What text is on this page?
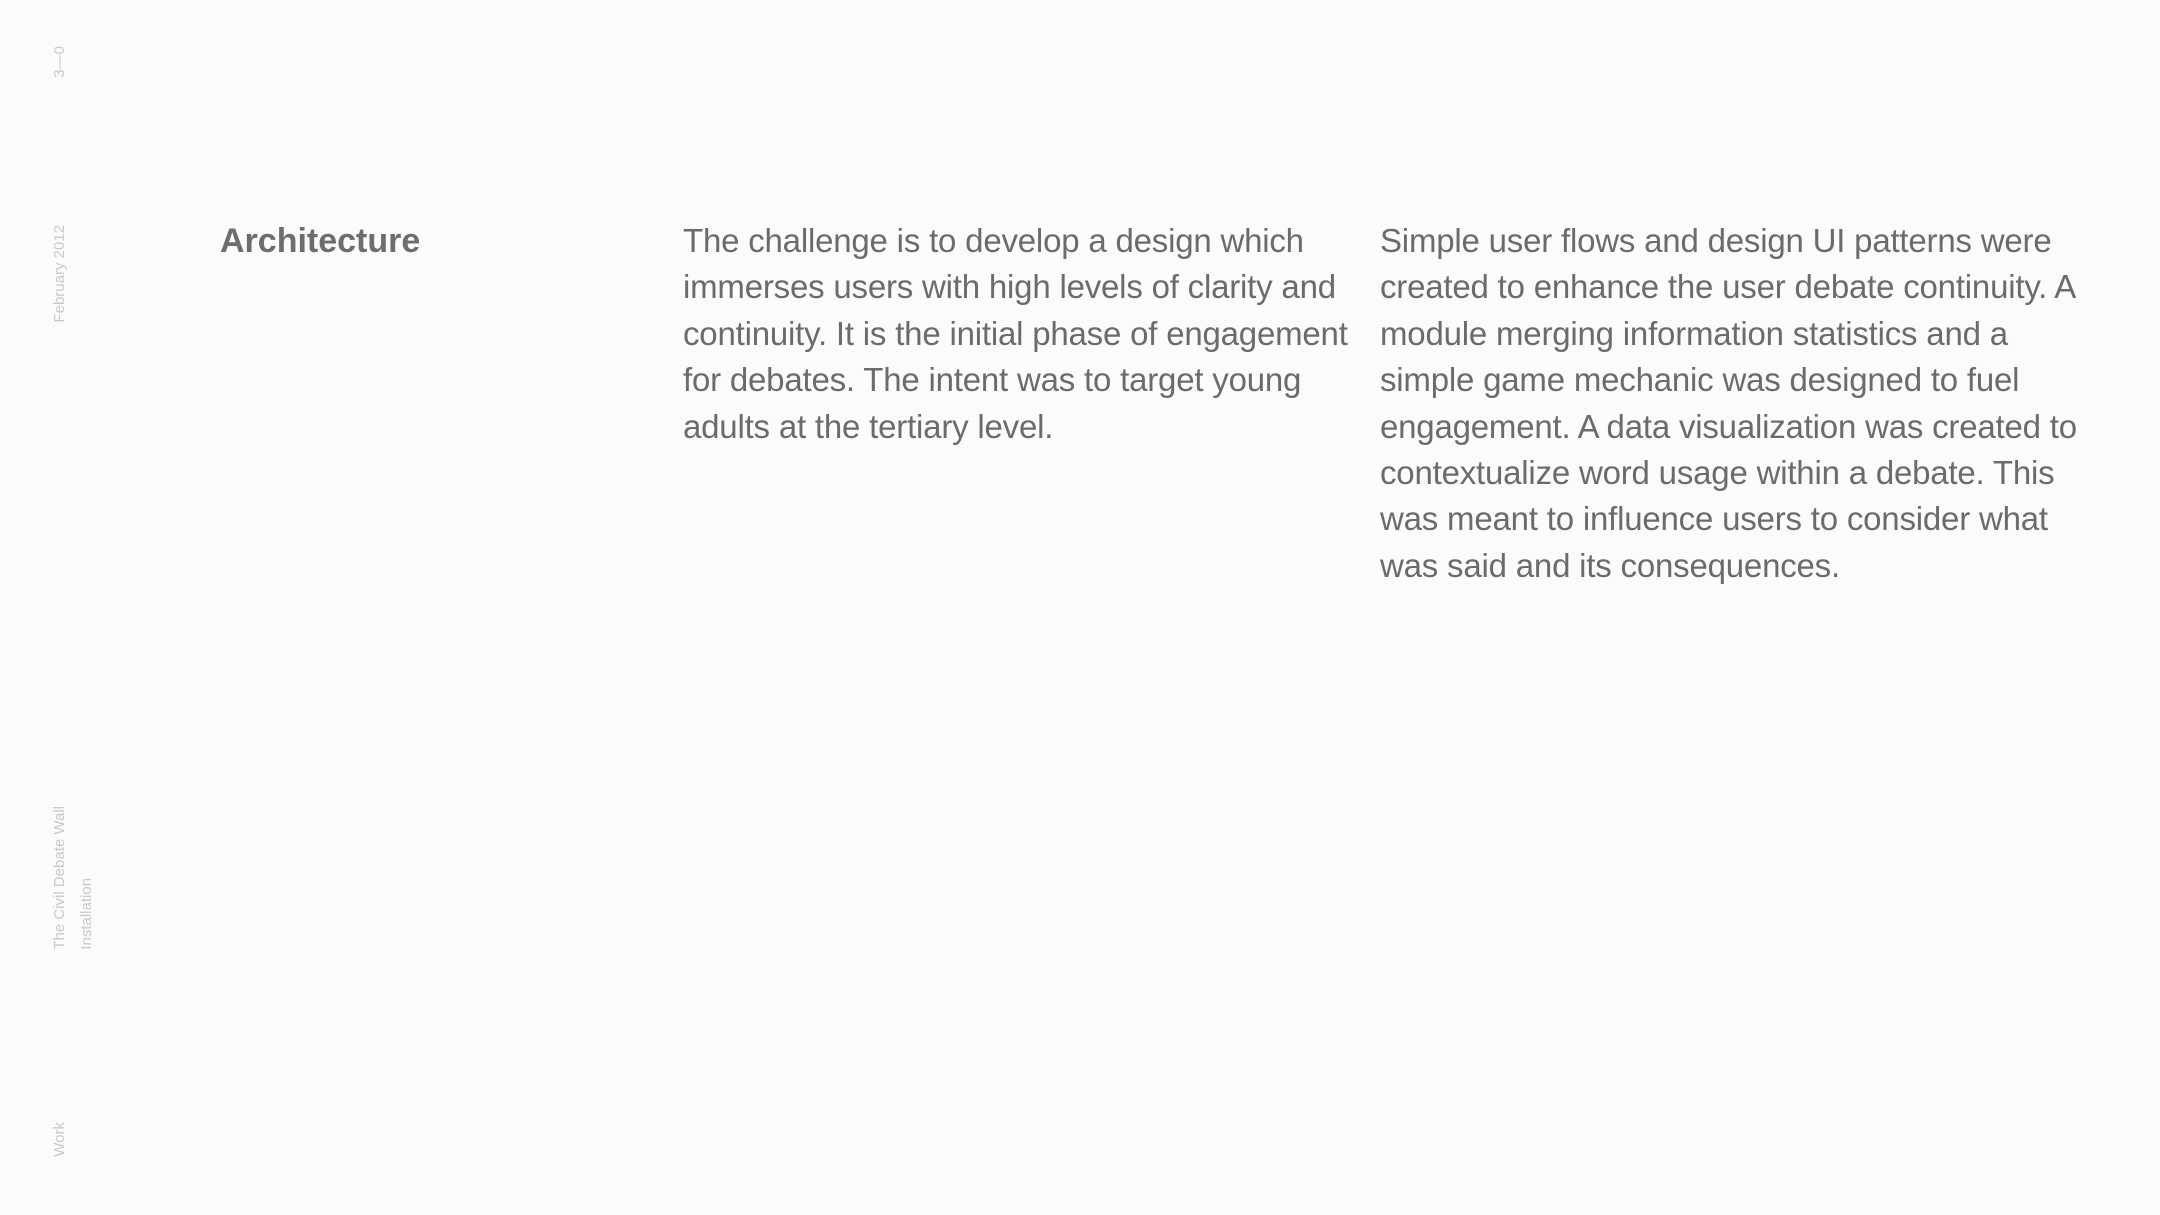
3—0
February 2012
The Civil Debate Wall Installation
Work
Architecture	The challenge is to develop a design which immerses users with high levels of clarity and continuity. It is the initial phase of engagement for debates. The intent was to target young adults at the tertiary level.

Simple user flows and design UI patterns were created to enhance the user debate continuity. A module merging information statistics and a simple game mechanic was designed to fuel engagement. A data visualization was created to contextualize word usage within a debate. This was meant to influence users to consider what was said and its consequences.
